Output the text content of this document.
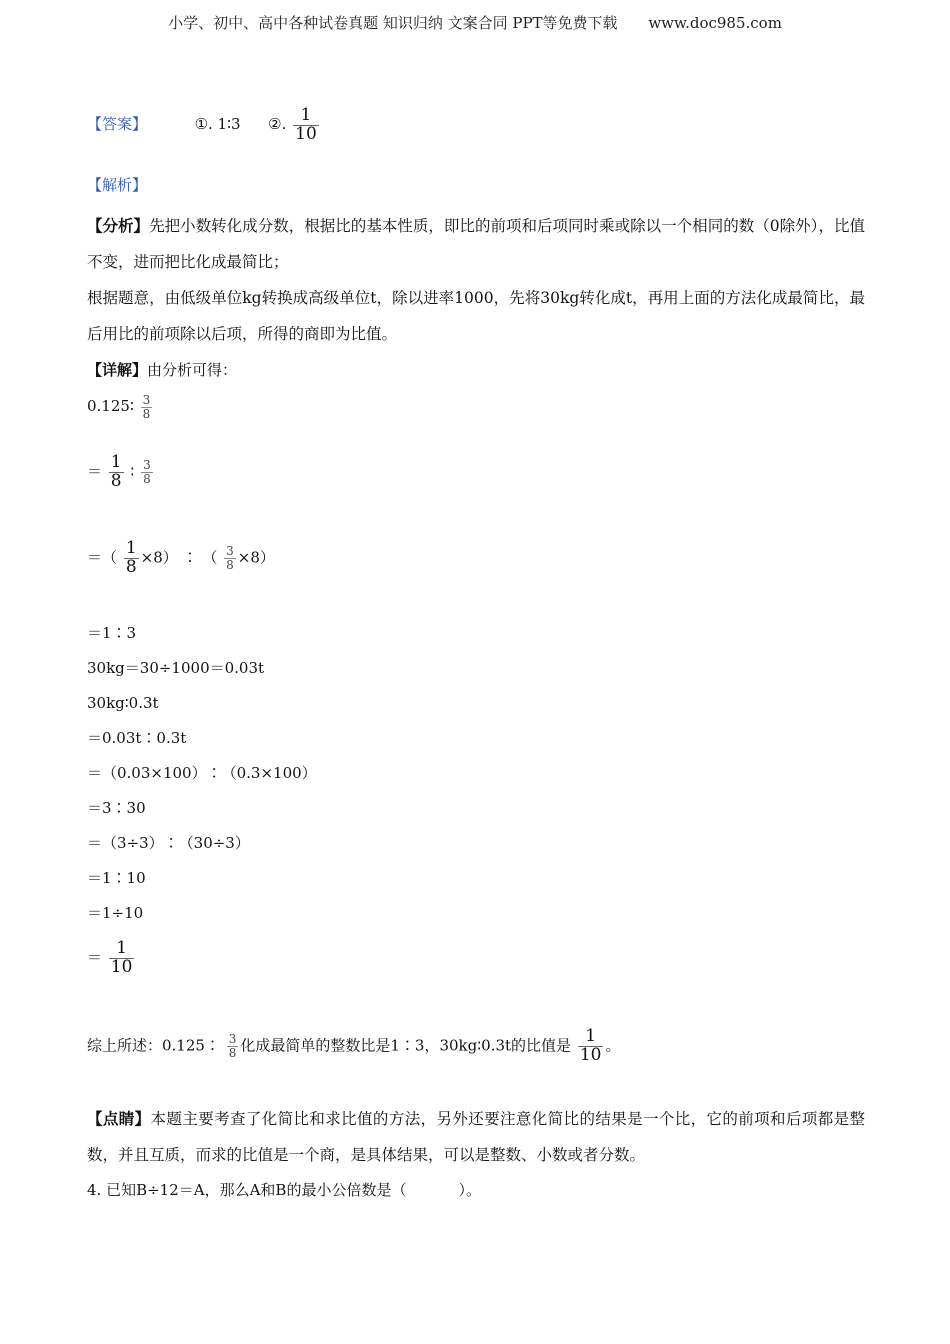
小学、初中、高中各种试卷真题 知识归纳 文案合同 PPT等免费下载 www.doc985.com
【答案】	①. 1∶3 ②. $\frac{1}{10}$
【解析】
【分析】先把小数转化成分数，根据比的基本性质，即比的前项和后项同时乘或除以一个相同的数（0除外），比值不变，进而把比化成最简比；
根据题意，由低级单位kg转换成高级单位t，除以进率1000，先将30kg转化成t，再用上面的方法化成最简比，最后用比的前项除以后项，所得的商即为比值。
【详解】由分析可得：
0.125∶ $\frac{3}{8}$
＝ $\frac{1}{8}$ ∶ $\frac{3}{8}$
＝（ $\frac{1}{8} \times 8$） ∶ （ $\frac{3}{8} \times 8$）
＝1∶3
30kg＝30÷1000＝0.03t
30kg∶0.3t
＝0.03t∶0.3t
＝（0.03×100）∶（0.3×100）
＝3∶30
＝（3÷3）∶（30÷3）
＝1∶10
＝1÷10
＝ $\frac{1}{10}$
综上所述：0.125∶ $\frac{3}{8}$ 化成最简单的整数比是1∶3，30kg∶0.3t的比值是 $\frac{1}{10}$ 。
【点睛】本题主要考查了化简比和求比值的方法，另外还要注意化简比的结果是一个比，它的前项和后项都是整数，并且互质，而求的比值是一个商，是具体结果，可以是整数、小数或者分数。
4. 已知B÷12＝A，那么A和B的最小公倍数是（	）。
